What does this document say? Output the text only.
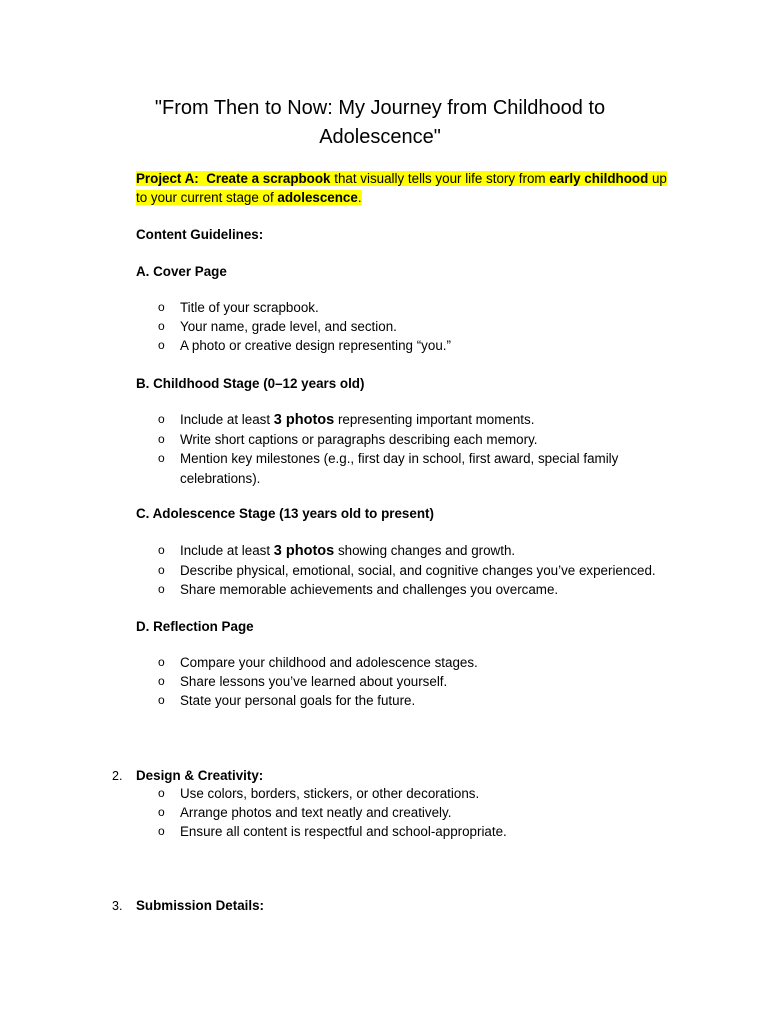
"From Then to Now: My Journey from Childhood to
Adolescence"

Project A: Create a scrapbook that visually tells your life story from early childhood up to your current stage of adolescence.

Content Guidelines:

A. Cover Page

o Title of your scrapbook.
o Your name, grade level, and section.
o A photo or creative design representing “you.”

B. Childhood Stage (0–12 years old)

o Include at least 3 photos representing important moments.
o Write short captions or paragraphs describing each memory.
o Mention key milestones (e.g., first day in school, first award, special family celebrations).

C. Adolescence Stage (13 years old to present)

o Include at least 3 photos showing changes and growth.
o Describe physical, emotional, social, and cognitive changes you’ve experienced.
o Share memorable achievements and challenges you overcame.

D. Reflection Page

o Compare your childhood and adolescence stages.
o Share lessons you’ve learned about yourself.
o State your personal goals for the future.

2. Design & Creativity:

o Use colors, borders, stickers, or other decorations.
o Arrange photos and text neatly and creatively.
o Ensure all content is respectful and school-appropriate.

3. Submission Details:
